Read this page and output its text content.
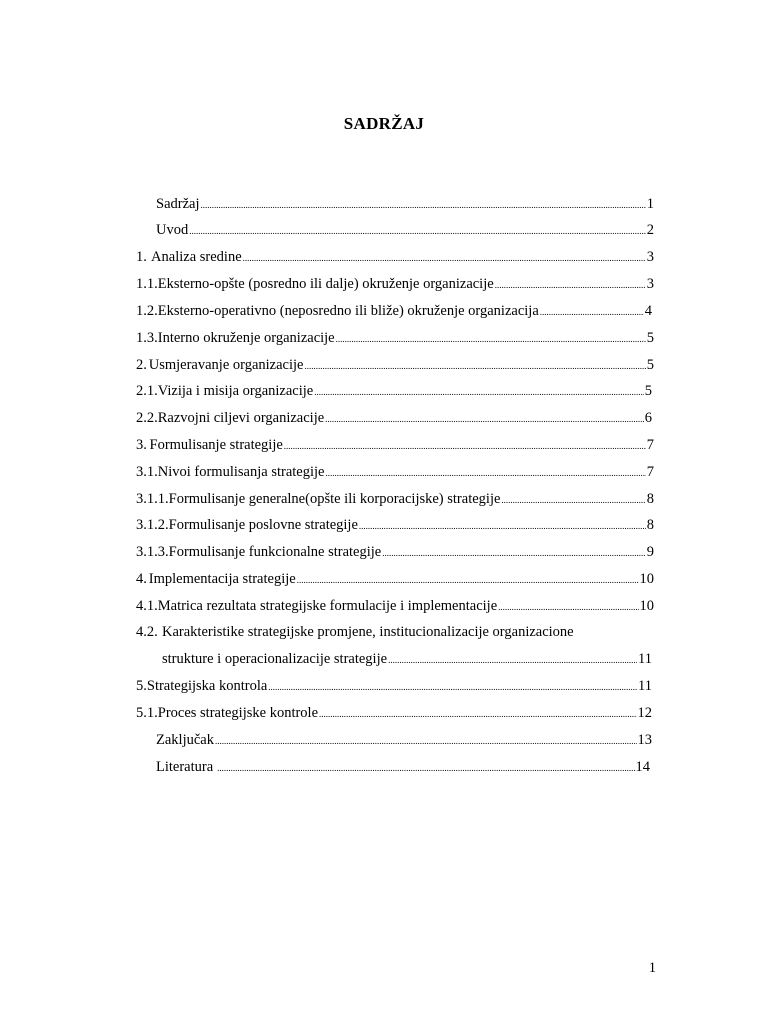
SADRŽAJ
Sadržaj .....	1
Uvod .....	2
1. Analiza sredine .....	3
1.1. Eksterno-opšte (posredno ili dalje) okruženje organizacije .....	3
1.2. Eksterno-operativno (neposredno ili bliže) okruženje organizacija .....	4
1.3. Interno okruženje organizacije .....	5
2. Usmjeravanje organizacije .....	5
2.1. Vizija i misija organizacije .....	5
2.2. Razvojni ciljevi organizacije .....	6
3. Formulisanje strategije .....	7
3.1. Nivoi formulisanja strategije .....	7
3.1.1. Formulisanje generalne(opšte ili korporacijske) strategije .....	8
3.1.2. Formulisanje poslovne strategije .....	8
3.1.3. Formulisanje funkcionalne strategije .....	9
4. Implementacija strategije .....	10
4.1. Matrica rezultata strategijske formulacije i implementacije .....	10
4.2. Karakteristike strategijske promjene, institucionalizacije organizacione
strukture i operacionalizacije strategije .....	11
5. Strategijska kontrola .....	11
5.1. Proces strategijske kontrole .....	12
Zaključak .....	13
Literatura .....	14
1
